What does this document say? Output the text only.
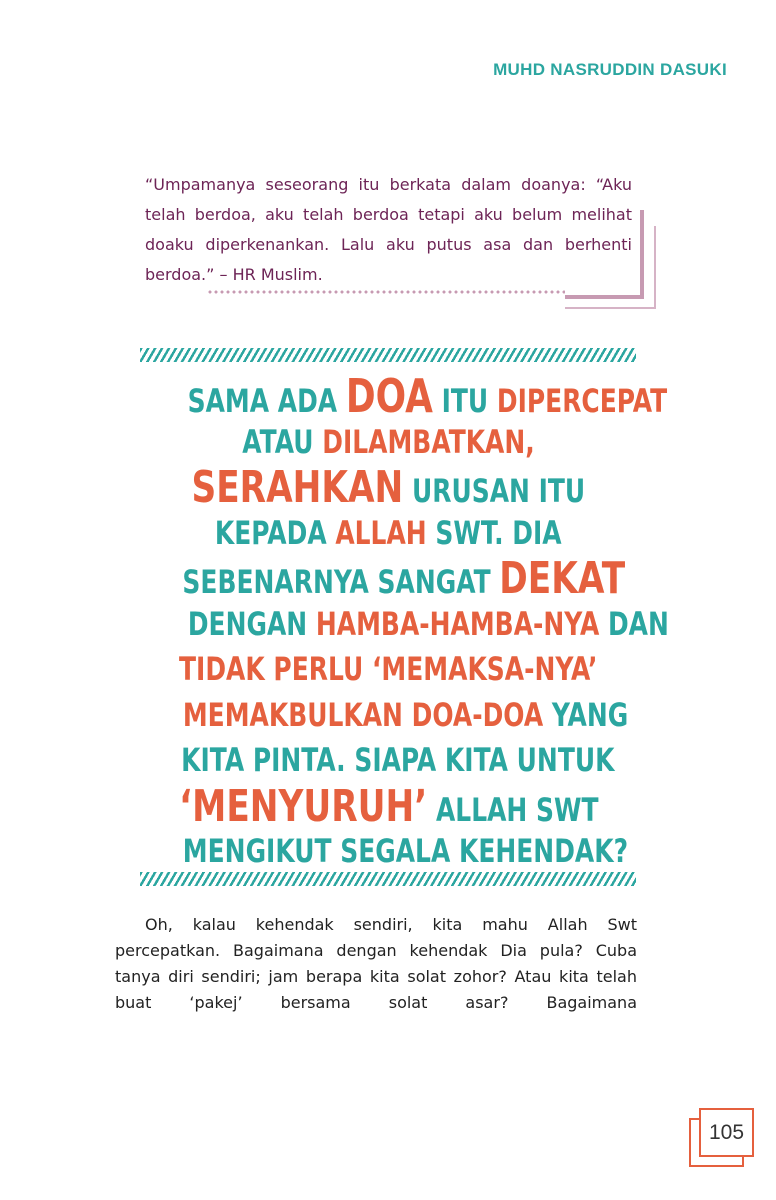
MUHD NASRUDDIN DASUKI

“Umpamanya seseorang itu berkata dalam doanya: “Aku telah berdoa, aku telah berdoa tetapi aku belum melihat doaku diperkenankan. Lalu aku putus asa dan berhenti berdoa.” – HR Muslim.

SAMA ADA DOA ITU DIPERCEPAT
ATAU DILAMBATKAN,
SERAHKAN URUSAN ITU
KEPADA ALLAH SWT. DIA
SEBENARNYA SANGAT DEKAT
DENGAN HAMBA-HAMBA-NYA DAN
TIDAK PERLU ‘MEMAKSA-NYA’
MEMAKBULKAN DOA-DOA YANG
KITA PINTA. SIAPA KITA UNTUK
‘MENYURUH’ ALLAH SWT
MENGIKUT SEGALA KEHENDAK?

Oh, kalau kehendak sendiri, kita mahu Allah Swt percepatkan. Bagaimana dengan kehendak Dia pula? Cuba tanya diri sendiri; jam berapa kita solat zohor? Atau kita telah buat ‘pakej’ bersama solat asar? Bagaimana

105
